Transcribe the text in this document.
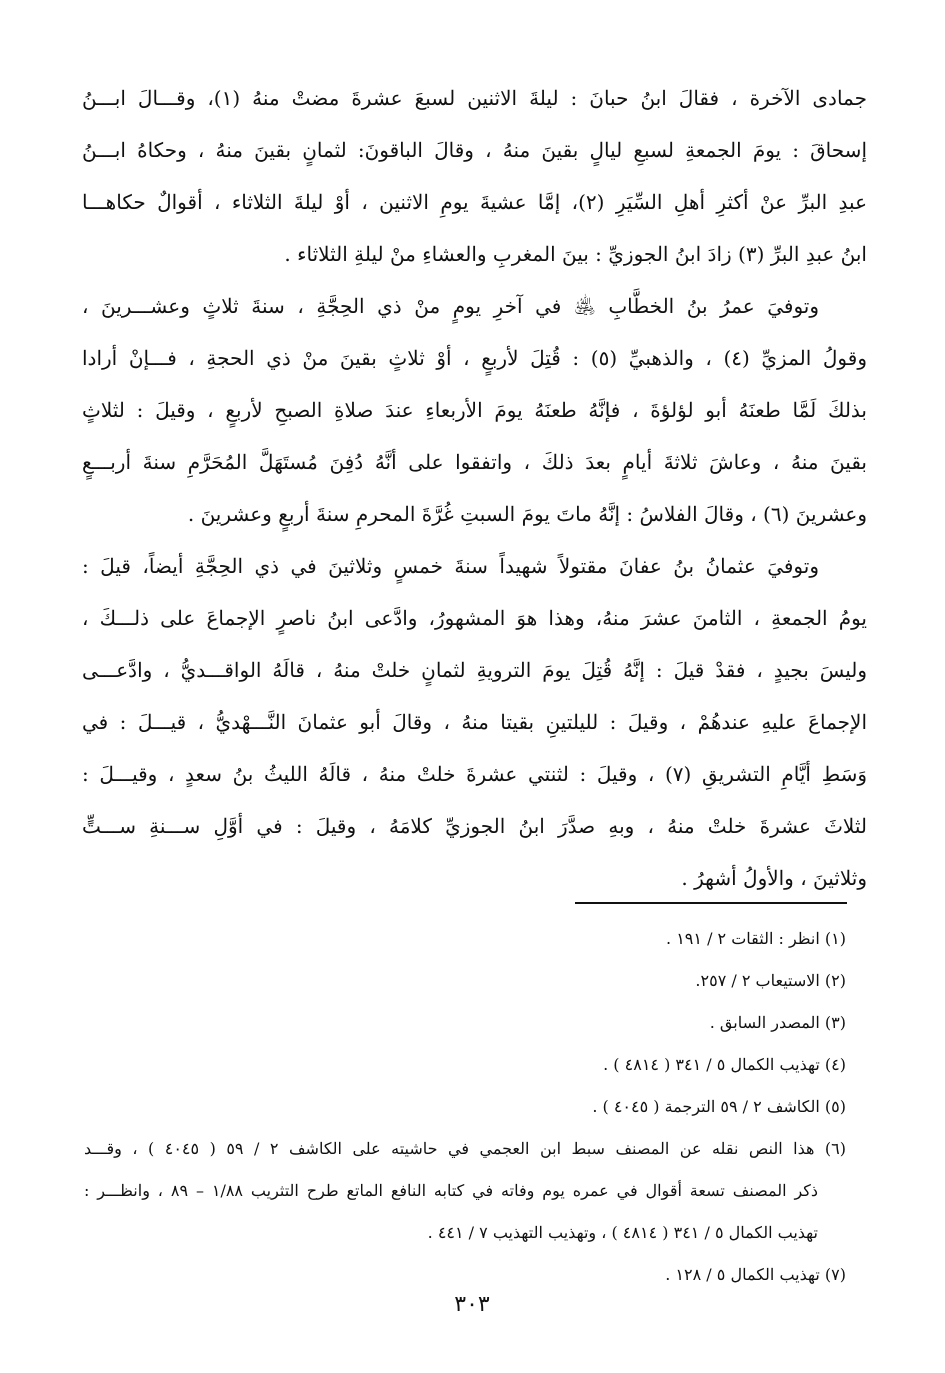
جمادى الآخرة ، فقالَ ابنُ حبانَ : ليلةَ الاثنين لسبعَ عشرةَ مضتْ منهُ (١)، وقـــالَ ابـــنُ
إسحاقَ : يومَ الجمعةِ لسبعِ ليالٍ بقينَ منهُ ، وقالَ الباقونَ: لثمانٍ بقينَ منهُ ، وحكاهُ ابـــنُ
عبدِ البرِّ عنْ أكثرِ أهلِ السِّيَرِ (٢)، إمَّا عشيةَ يومِ الاثنين ، أوْ ليلةَ الثلاثاء ، أقوالٌ حكاهـــا
ابنُ عبدِ البرِّ (٣) زادَ ابنُ الجوزيِّ : بينَ المغربِ والعشاءِ منْ ليلةِ الثلاثاء .
وتوفيَ عمرُ بنُ الخطَّابِ ﵁ في آخرِ يومٍ منْ ذي الحِجَّةِ ، سنةَ ثلاثٍ وعشـــرينَ ،
وقولُ المزيِّ (٤) ، والذهبيِّ (٥) : قُتِلَ لأربعٍ ، أوْ ثلاثٍ بقينَ منْ ذي الحجةِ ، فـــإنْ أرادا
بذلكَ لَمَّا طعنَهُ أبو لؤلؤةَ ، فإنَّهُ طعنَهُ يومَ الأربعاءِ عندَ صلاةِ الصبحِ لأربعٍ ، وقيلَ : لثلاثٍ
بقينَ منهُ ، وعاشَ ثلاثةَ أيامٍ بعدَ ذلكَ ، واتفقوا على أنَّهُ دُفِنَ مُستَهَلَّ المُحَرَّمِ سنةَ أربـــعٍ
وعشرينَ (٦) ، وقالَ الفلاسُ : إنَّهُ ماتَ يومَ السبتِ غُرَّةَ المحرمِ سنةَ أربعٍ وعشرينَ .
وتوفيَ عثمانُ بنُ عفانَ مقتولاً شهيداً سنةَ خمسٍ وثلاثينَ في ذي الحِجَّةِ أيضاً، قيلَ :
يومُ الجمعةِ ، الثامنَ عشرَ منهُ، وهذا هوَ المشهورُ، وادَّعى ابنُ ناصرٍ الإجماعَ على ذلـــكَ ،
وليسَ بجيدٍ ، فقدْ قيلَ : إنَّهُ قُتِلَ يومَ الترويةِ لثمانٍ خلتْ منهُ ، قالَهُ الواقـــديُّ ، وادَّعـــى
الإجماعَ عليهِ عندهُمْ ، وقيلَ : لليلتينِ بقيتا منهُ ، وقالَ أبو عثمانَ النَّـــهْديُّ ، قيـــلَ : في
وَسَطِ أيَّامِ التشريقِ (٧) ، وقيلَ : لثنتي عشرةَ خلتْ منهُ ، قالَهُ الليثُ بنُ سعدٍ ، وقيـــلَ :
لثلاثَ عشرةَ خلتْ منهُ ، وبهِ صدَّرَ ابنُ الجوزيِّ كلامَهُ ، وقيلَ : في أوَّلِ ســـنةِ ســـتٍّ
وثلاثينَ ، والأولُ أشهرُ .
(١) انظر : الثقات ٢ / ١٩١ .
(٢) الاستيعاب ٢ / ٢٥٧.
(٣) المصدر السابق .
(٤) تهذيب الكمال ٥ / ٣٤١ ( ٤٨١٤ ) .
(٥) الكاشف ٢ / ٥٩ الترجمة ( ٤٠٤٥ ) .
(٦) هذا النص نقله عن المصنف سبط ابن العجمي في حاشيته على الكاشف ٢ / ٥٩ ( ٤٠٤٥ ) ، وقـــد
ذكر المصنف تسعة أقوال في عمره يوم وفاته في كتابه النافع الماتع طرح التثريب ١/٨٨ – ٨٩ ، وانظـــر :
تهذيب الكمال ٥ / ٣٤١ ( ٤٨١٤ ) ، وتهذيب التهذيب ٧ / ٤٤١ .
(٧) تهذيب الكمال ٥ / ١٢٨ .
٣٠٣
